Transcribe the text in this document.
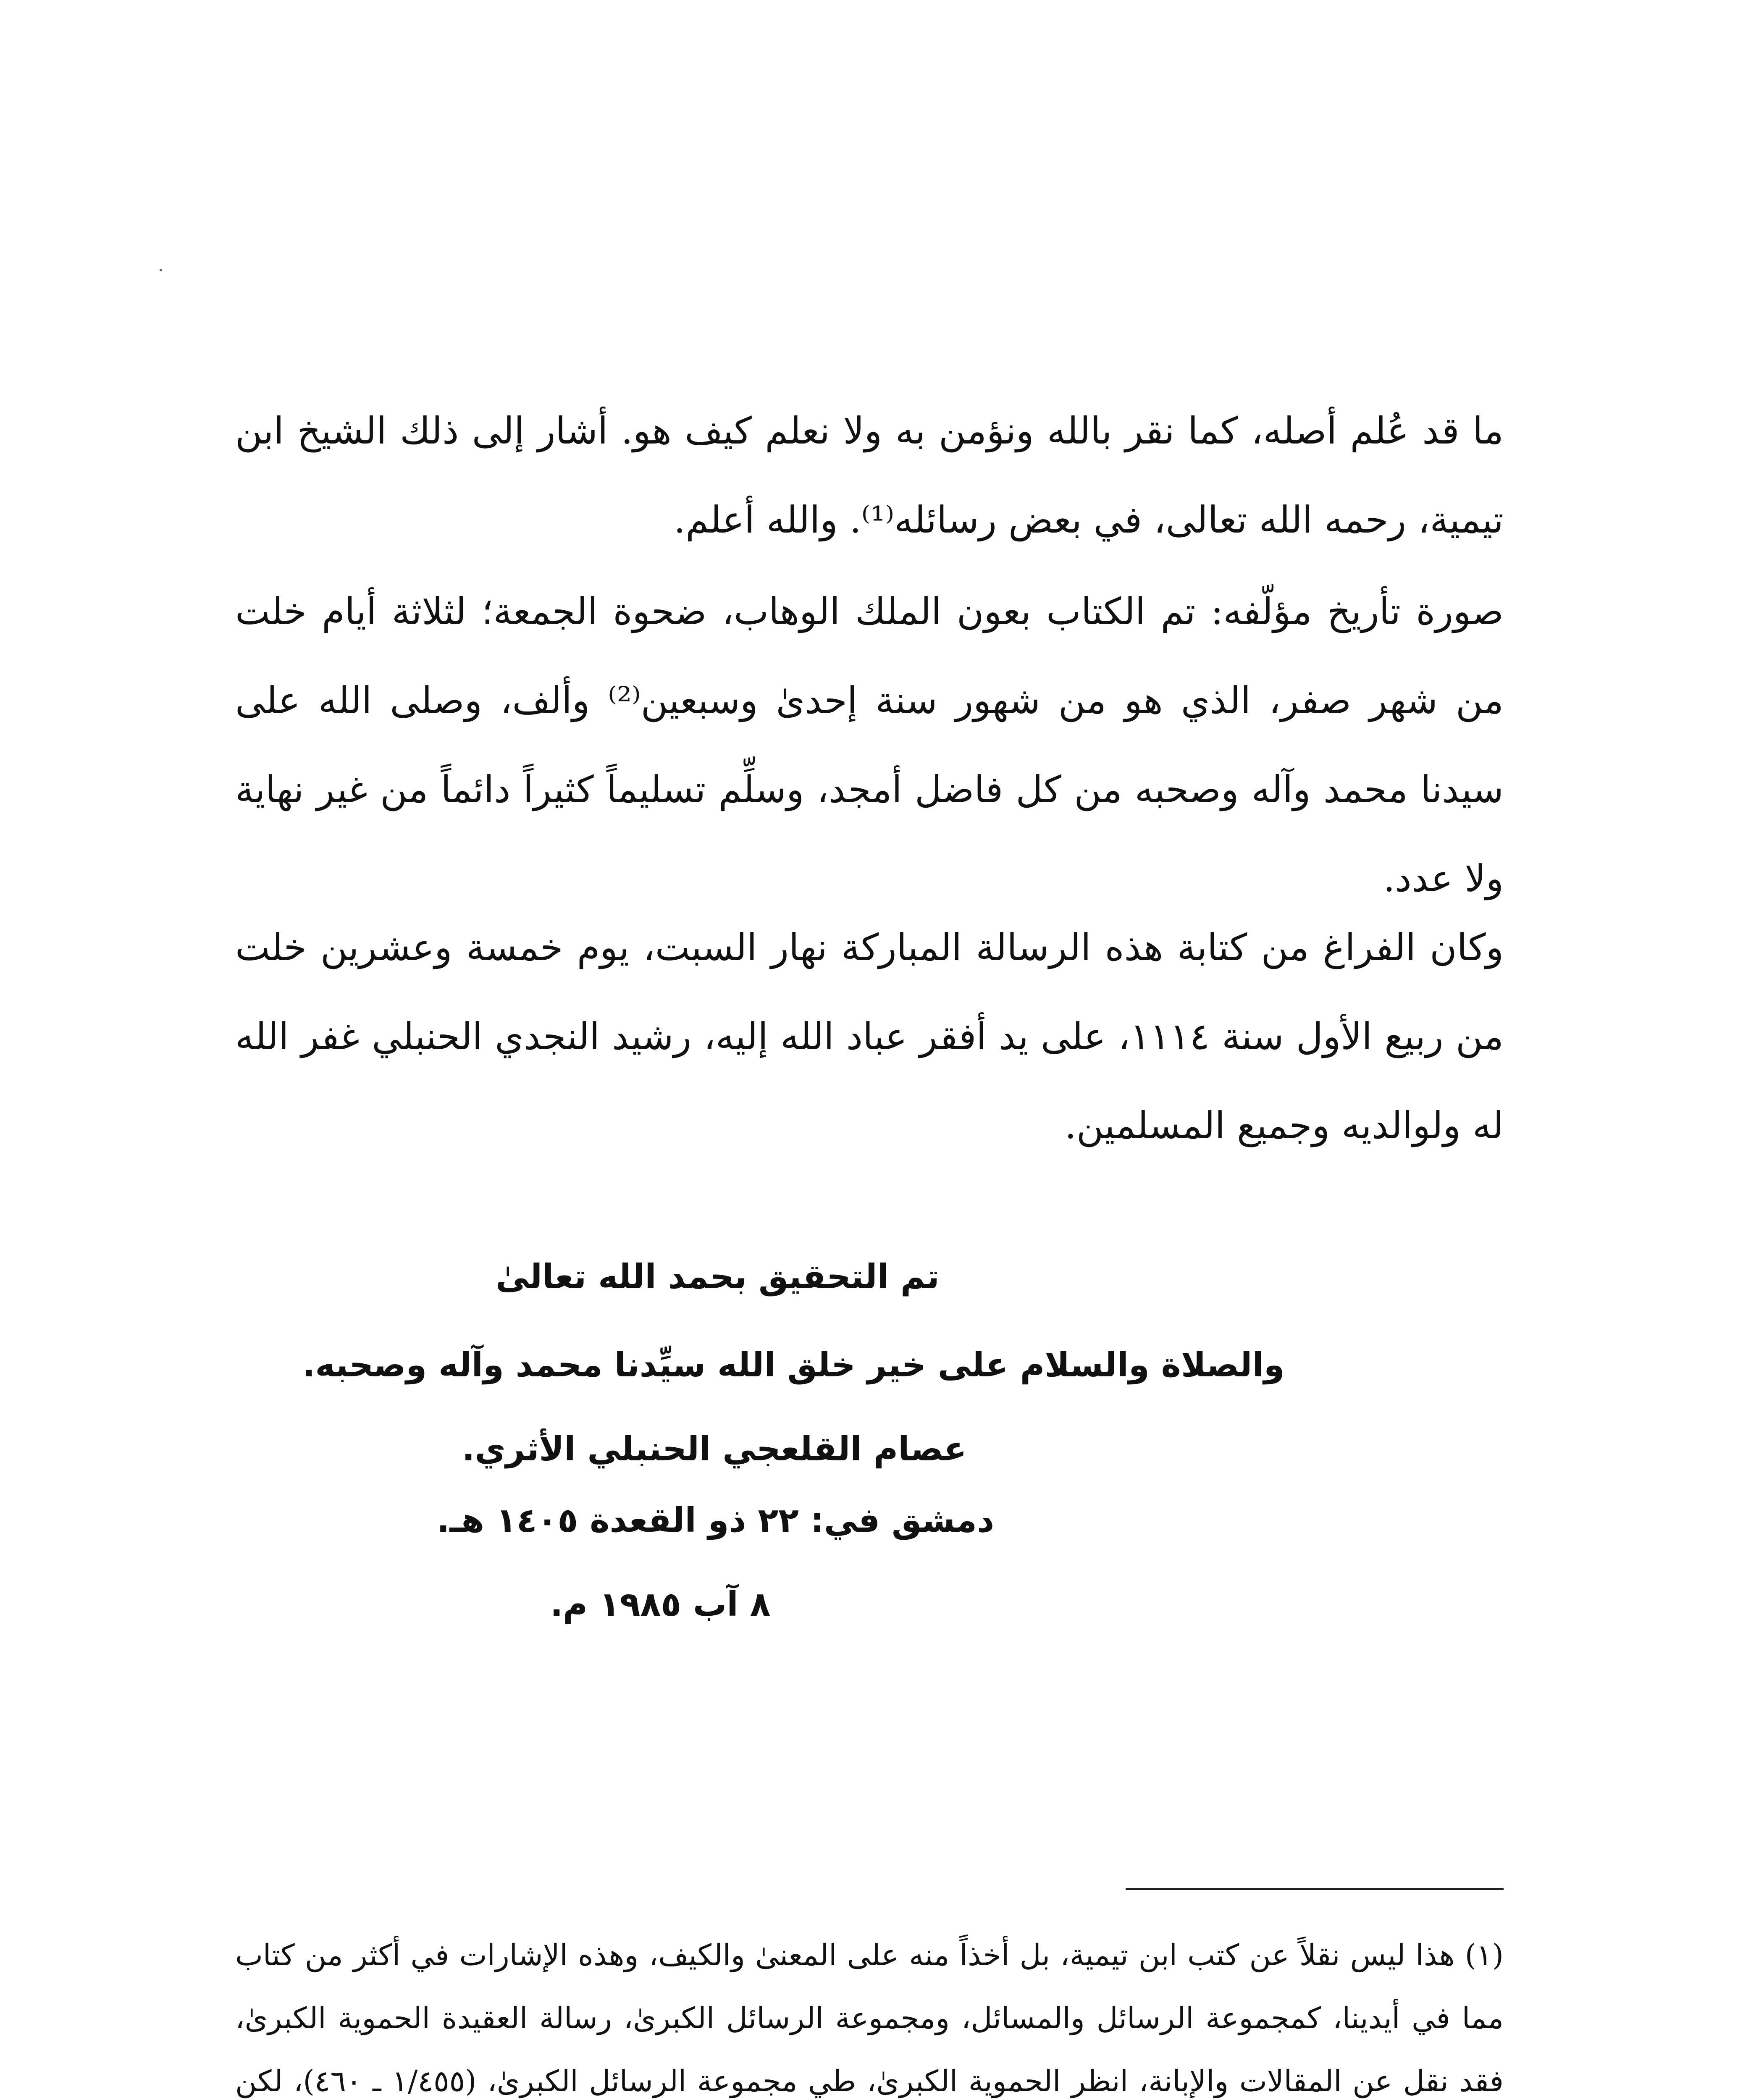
ما قد عُلم أصله، كما نقر بالله ونؤمن به ولا نعلم كيف هو. أشار إلى ذلك الشيخ ابن تيمية، رحمه الله تعالى، في بعض رسائله⁽¹⁾. والله أعلم.

صورة تأريخ مؤلّفه: تم الكتاب بعون الملك الوهاب، ضحوة الجمعة؛ لثلاثة أيام خلت من شهر صفر، الذي هو من شهور سنة إحدىٰ وسبعين⁽²⁾ وألف، وصلى الله على سيدنا محمد وآله وصحبه من كل فاضل أمجد، وسلِّم تسليماً كثيراً دائماً من غير نهاية ولا عدد.

وكان الفراغ من كتابة هذه الرسالة المباركة نهار السبت، يوم خمسة وعشرين خلت من ربيع الأول سنة ١١١٤، على يد أفقر عباد الله إليه، رشيد النجدي الحنبلي غفر الله له ولوالديه وجميع المسلمين.

تم التحقيق بحمد الله تعالىٰ
والصلاة والسلام على خير خلق الله سيِّدنا محمد وآله وصحبه.
عصام القلعجي الحنبلي الأثري.
دمشق في: ٢٢ ذو القعدة ١٤٠٥ هـ.
٨ آب ١٩٨٥ م.

(١) هذا ليس نقلاً عن كتب ابن تيمية، بل أخذاً منه على المعنىٰ والكيف، وهذه الإشارات في أكثر من كتاب مما في أيدينا، كمجموعة الرسائل والمسائل، ومجموعة الرسائل الكبرىٰ، رسالة العقيدة الحموية الكبرىٰ، فقد نقل عن المقالات والإبانة، انظر الحموية الكبرىٰ، طي مجموعة الرسائل الكبرىٰ، (١/٤٥٥ ـ ٤٦٠)، لكن
